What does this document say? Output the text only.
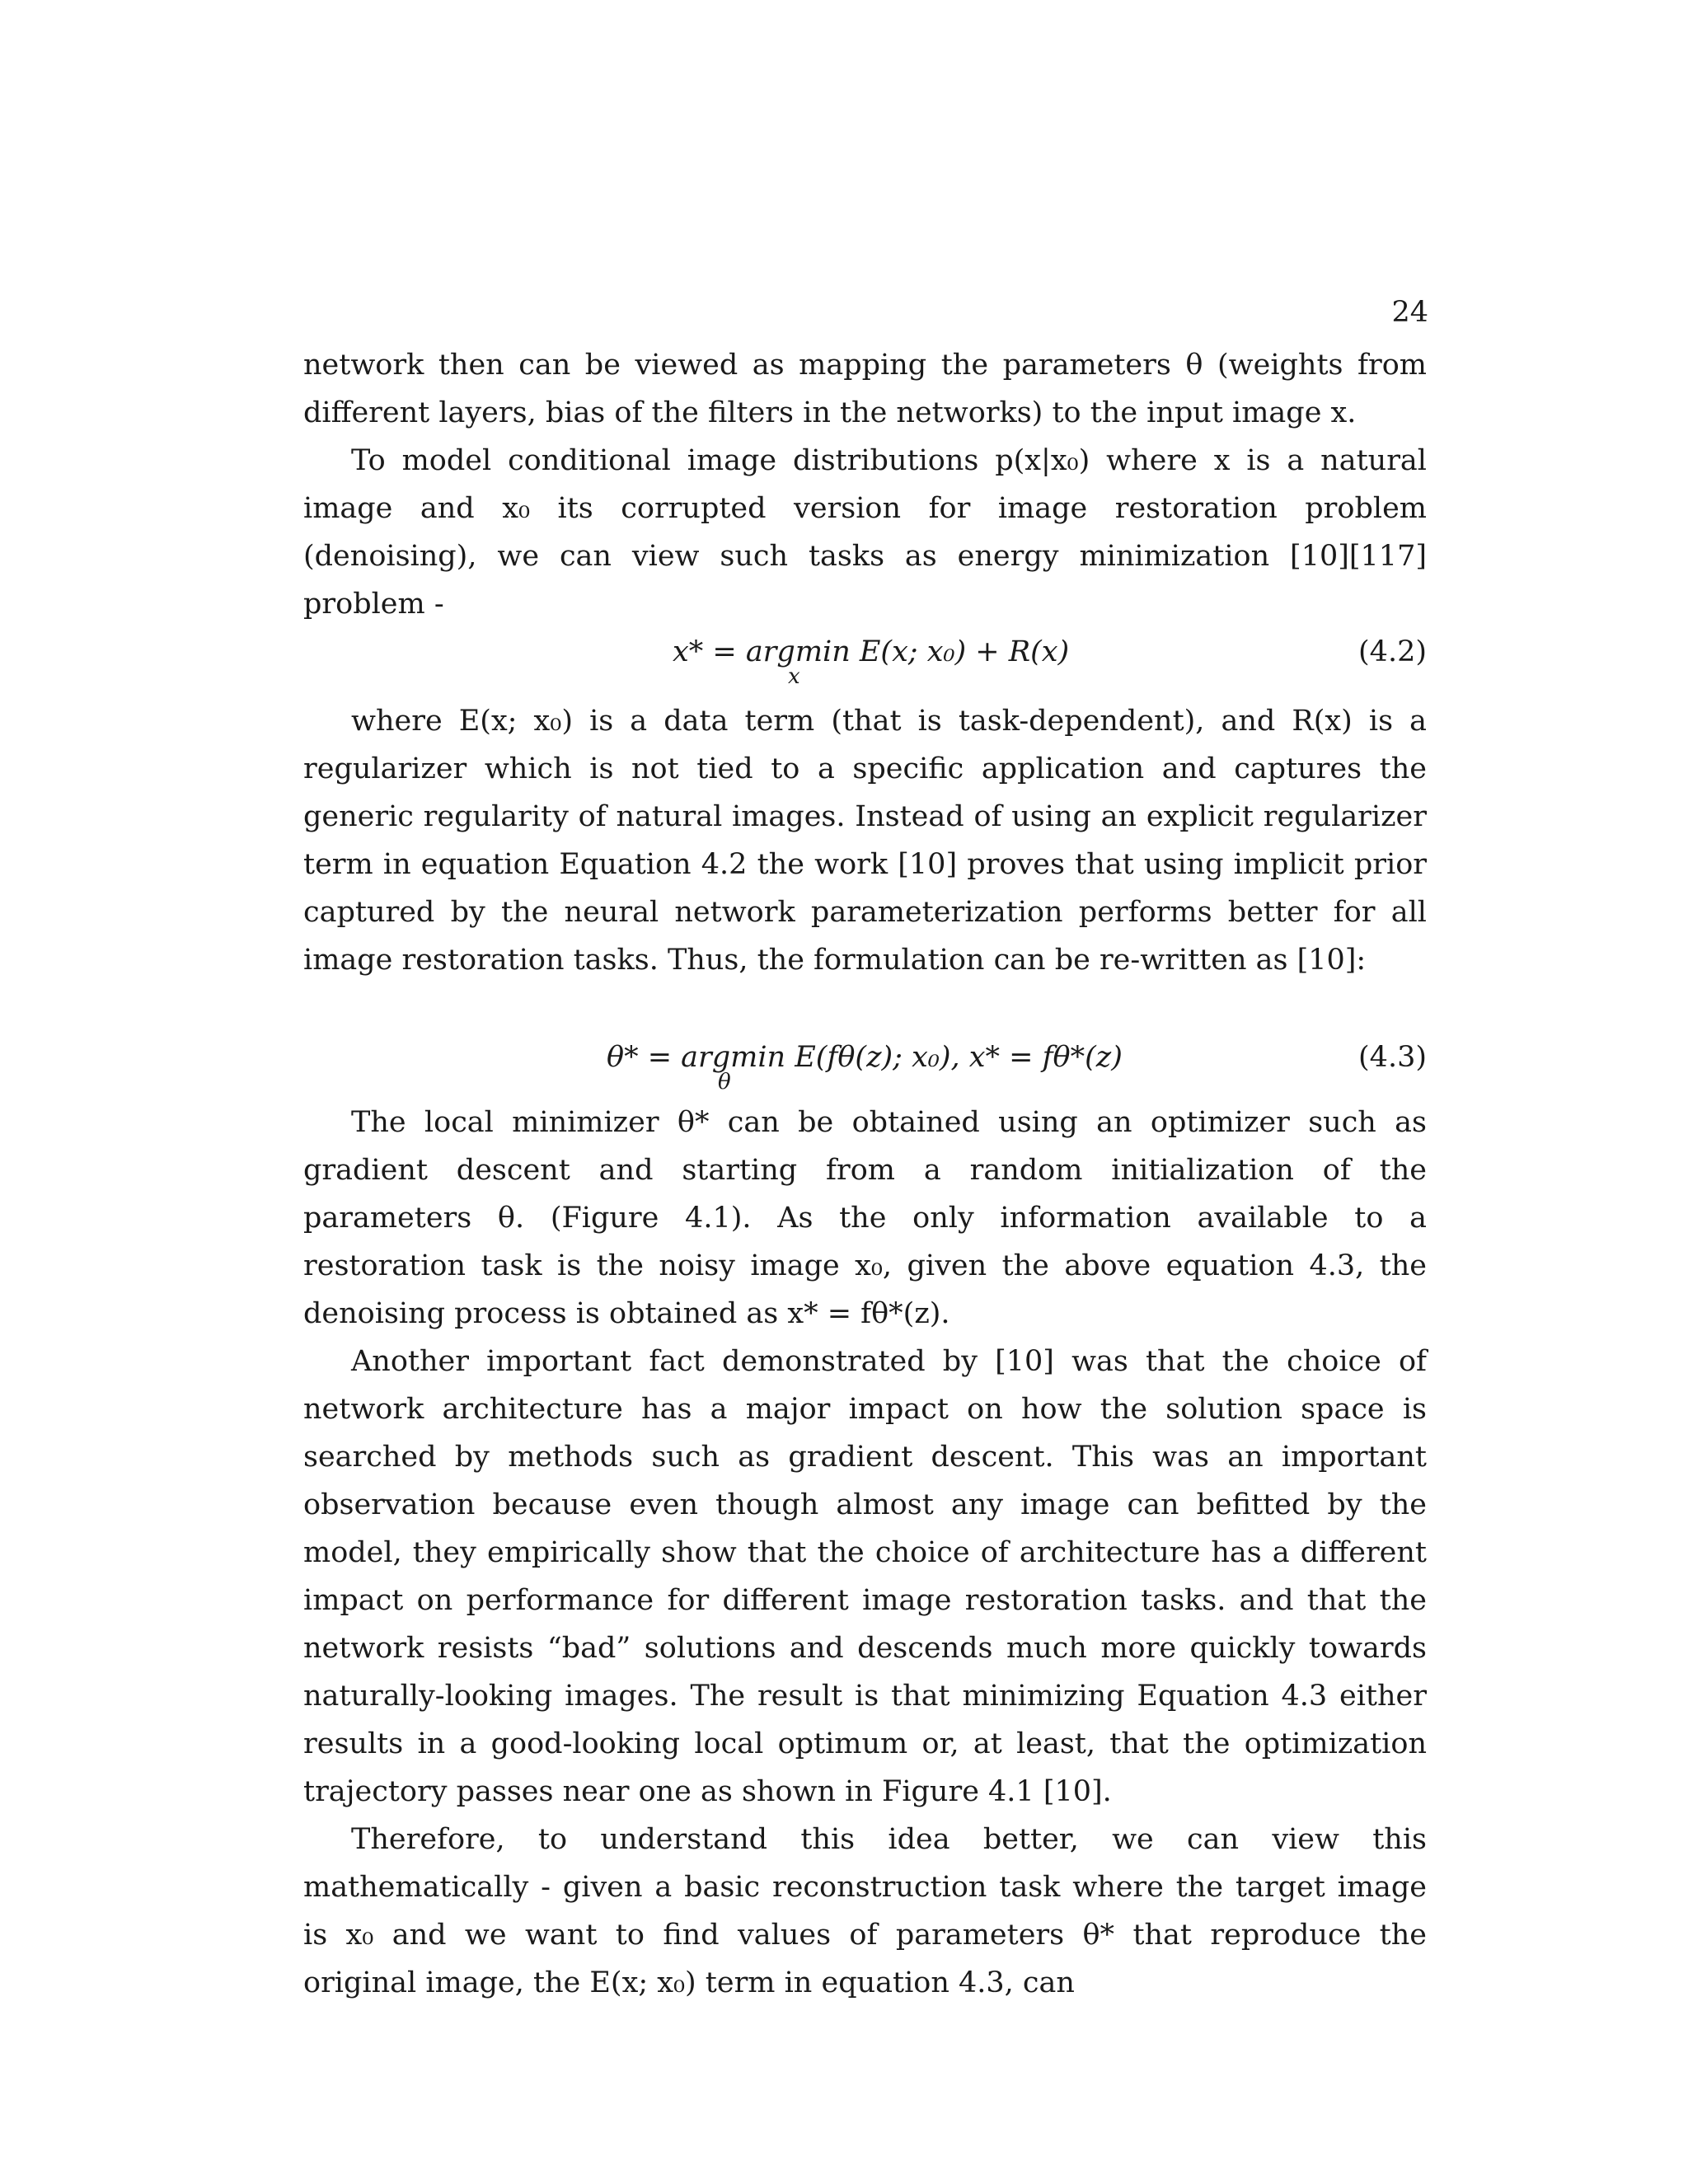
24

network then can be viewed as mapping the parameters θ (weights from different layers, bias of the filters in the networks) to the input image x.

To model conditional image distributions p(x|x₀) where x is a natural image and x₀ its corrupted version for image restoration problem (denoising), we can view such tasks as energy minimization [10][117] problem -

x* = argmin E(x; x₀) + R(x)
x
(4.2)

where E(x; x₀) is a data term (that is task-dependent), and R(x) is a regularizer which is not tied to a specific application and captures the generic regularity of natural images. Instead of using an explicit regularizer term in equation Equation 4.2 the work [10] proves that using implicit prior captured by the neural network parameterization performs better for all image restoration tasks. Thus, the formulation can be re-written as [10]:

θ* = argmin E(fθ(z); x₀), x* = fθ*(z)
θ
(4.3)

The local minimizer θ* can be obtained using an optimizer such as gradient descent and starting from a random initialization of the parameters θ. (Figure 4.1). As the only information available to a restoration task is the noisy image x₀, given the above equation 4.3, the denoising process is obtained as x* = fθ*(z).

Another important fact demonstrated by [10] was that the choice of network architecture has a major impact on how the solution space is searched by methods such as gradient descent. This was an important observation because even though almost any image can befitted by the model, they empirically show that the choice of architecture has a different impact on performance for different image restoration tasks. and that the network resists “bad” solutions and descends much more quickly towards naturally-looking images. The result is that minimizing Equation 4.3 either results in a good-looking local optimum or, at least, that the optimization trajectory passes near one as shown in Figure 4.1 [10].

Therefore, to understand this idea better, we can view this mathematically - given a basic reconstruction task where the target image is x₀ and we want to find values of parameters θ* that reproduce the original image, the E(x; x₀) term in equation 4.3, can
